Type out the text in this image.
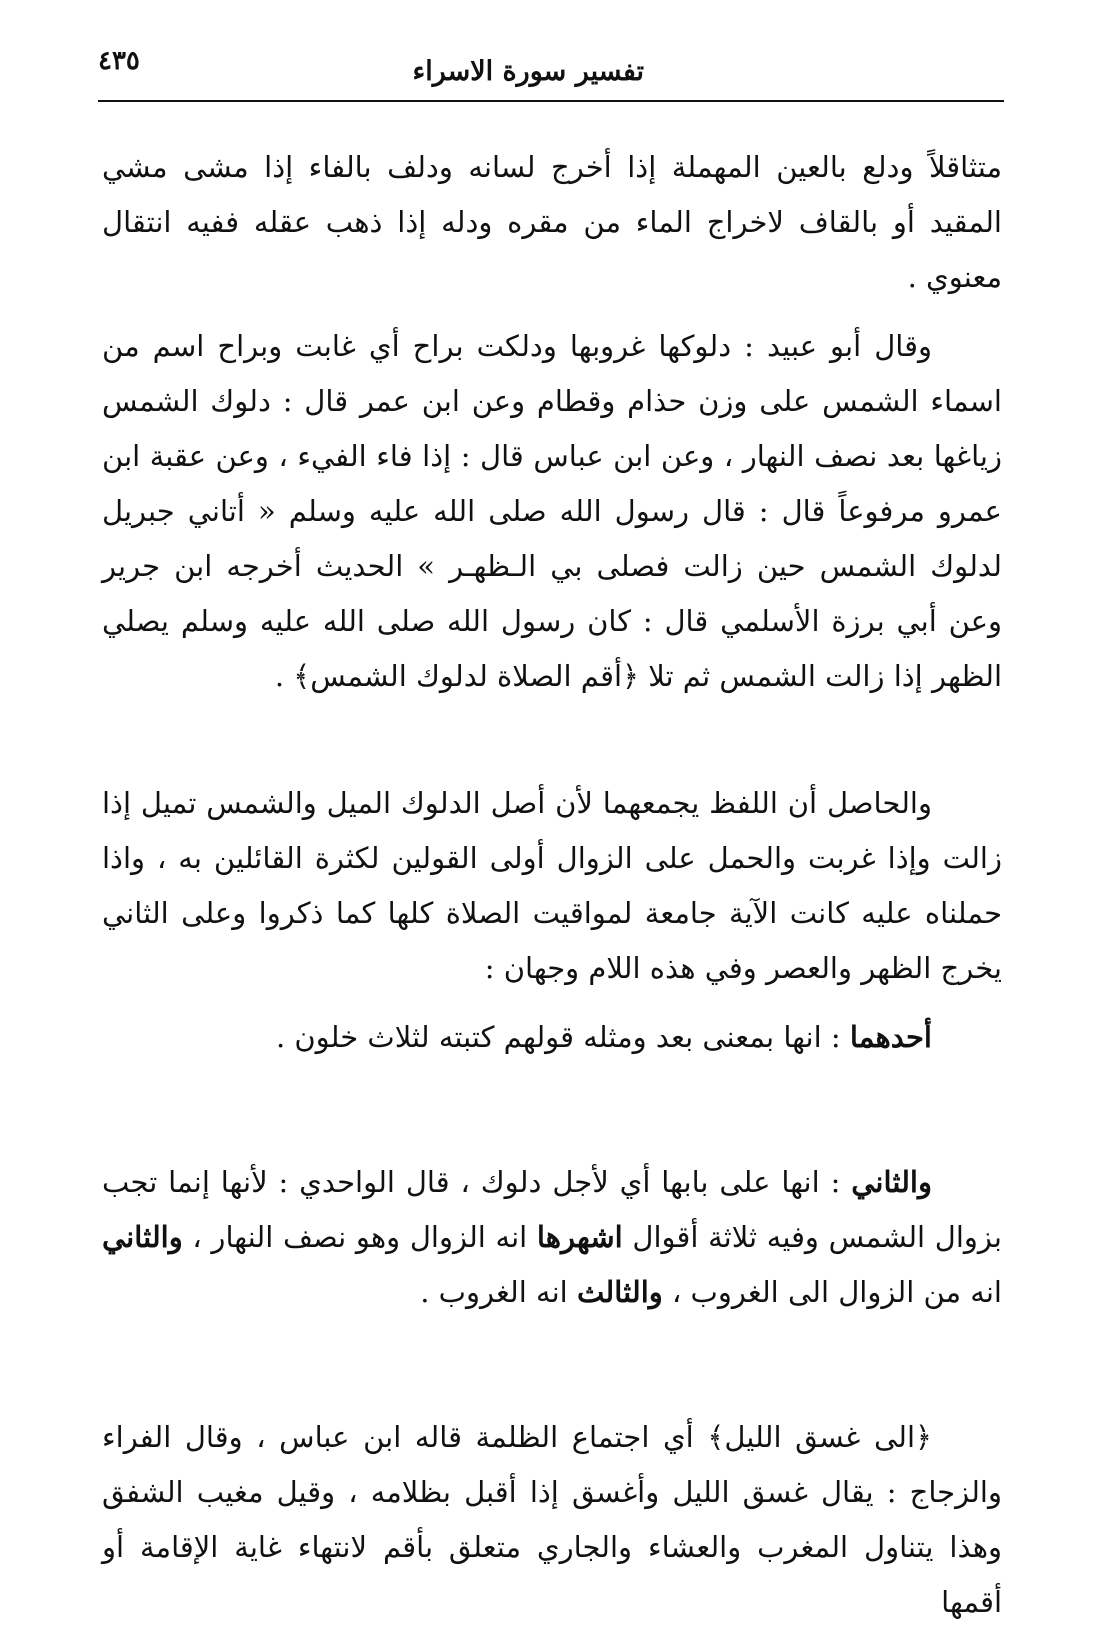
تفسير سورة الاسراء
٤٣٥

متثاقلاً ودلع بالعين المهملة إذا أخرج لسانه ودلف بالفاء إذا مشى مشي المقيد أو بالقاف لاخراج الماء من مقره ودله إذا ذهب عقله ففيه انتقال معنوي .

وقال أبو عبيد : دلوكها غروبها ودلكت براح أي غابت وبراح اسم من اسماء الشمس على وزن حذام وقطام وعن ابن عمر قال : دلوك الشمس زياغها بعد نصف النهار ، وعن ابن عباس قال : إذا فاء الفيء ، وعن عقبة ابن عمرو مرفوعاً قال : قال رسول الله صلى الله عليه وسلم « أتاني جبريل لدلوك الشمس حين زالت فصلى بي الـظهـر » الحديث أخرجه ابن جرير وعن أبي برزة الأسلمي قال : كان رسول الله صلى الله عليه وسلم يصلي الظهر إذا زالت الشمس ثم تلا ﴿أقم الصلاة لدلوك الشمس﴾ .

والحاصل أن اللفظ يجمعهما لأن أصل الدلوك الميل والشمس تميل إذا زالت وإذا غربت والحمل على الزوال أولى القولين لكثرة القائلين به ، واذا حملناه عليه كانت الآية جامعة لمواقيت الصلاة كلها كما ذكروا وعلى الثاني يخرج الظهر والعصر وفي هذه اللام وجهان :

أحدهما : انها بمعنى بعد ومثله قولهم كتبته لثلاث خلون .

والثاني : انها على بابها أي لأجل دلوك ، قال الواحدي : لأنها إنما تجب بزوال الشمس وفيه ثلاثة أقوال اشهرها انه الزوال وهو نصف النهار ، والثاني انه من الزوال الى الغروب ، والثالث انه الغروب .

﴿الى غسق الليل﴾ أي اجتماع الظلمة قاله ابن عباس ، وقال الفراء والزجاج : يقال غسق الليل وأغسق إذا أقبل بظلامه ، وقيل مغيب الشفق وهذا يتناول المغرب والعشاء والجاري متعلق بأقم لانتهاء غاية الإقامة أو أقمها
